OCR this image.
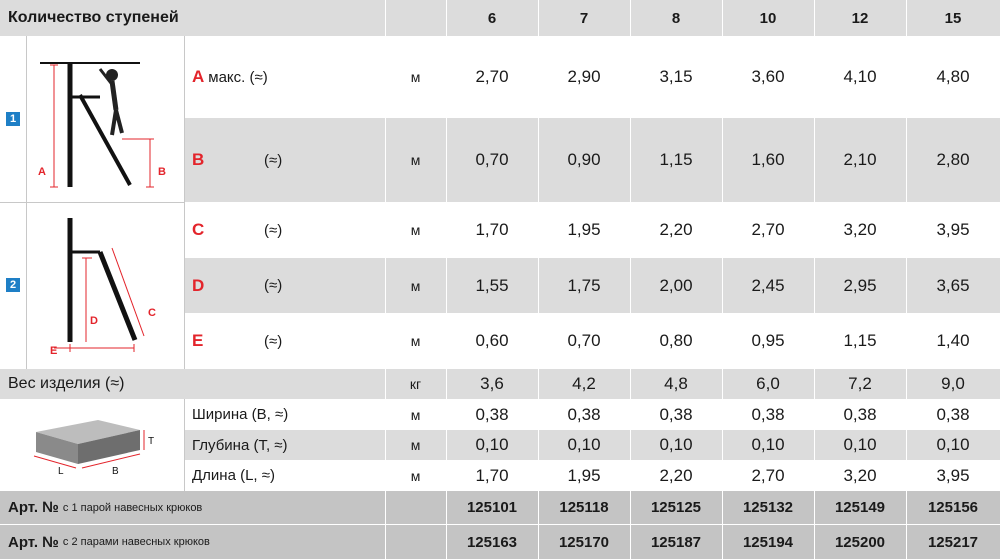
Количество ступеней	6	7	8	10	12	15
1
A	B
A макс. (≈)	м	2,70	2,90	3,15	3,60	4,10	4,80
B	(≈)	м	0,70	0,90	1,15	1,60	2,10	2,80
2
C
D
E
C	(≈)	м	1,70	1,95	2,20	2,70	3,20	3,95
D	(≈)	м	1,55	1,75	2,00	2,45	2,95	3,65
E	(≈)	м	0,60	0,70	0,80	0,95	1,15	1,40
Вес изделия (≈)	кг	3,6	4,2	4,8	6,0	7,2	9,0
T
L	B
Ширина (B, ≈)	м	0,38	0,38	0,38	0,38	0,38	0,38
Глубина (T, ≈)	м	0,10	0,10	0,10	0,10	0,10	0,10
Длина (L, ≈)	м	1,70	1,95	2,20	2,70	3,20	3,95
Арт. № с 1 парой навесных крюков	125101	125118	125125	125132	125149	125156
Арт. № с 2 парами навесных крюков	125163	125170	125187	125194	125200	125217
